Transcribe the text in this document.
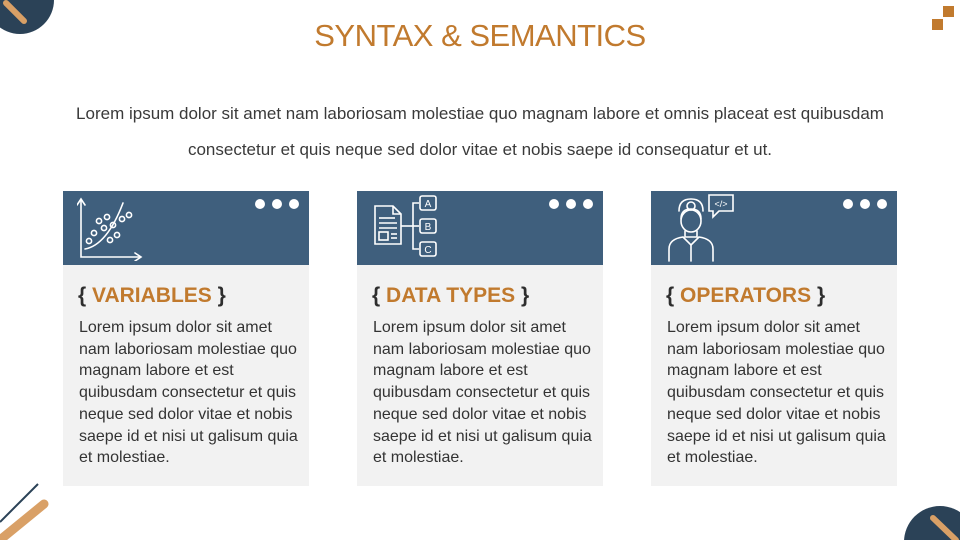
SYNTAX & SEMANTICS

Lorem ipsum dolor sit amet nam laboriosam molestiae quo magnam labore et omnis placeat est quibusdam consectetur et quis neque sed dolor vitae et nobis saepe id consequatur et ut.

{ VARIABLES }

Lorem ipsum dolor sit amet nam laboriosam molestiae quo magnam labore et est quibusdam consectetur et quis neque sed dolor vitae et nobis saepe id et nisi ut galisum quia et molestiae.

A
B
C
{ DATA TYPES }

Lorem ipsum dolor sit amet nam laboriosam molestiae quo magnam labore et est quibusdam consectetur et quis neque sed dolor vitae et nobis saepe id et nisi ut galisum quia et molestiae.

</>
{ OPERATORS }

Lorem ipsum dolor sit amet nam laboriosam molestiae quo magnam labore et est quibusdam consectetur et quis neque sed dolor vitae et nobis saepe id et nisi ut galisum quia et molestiae.
